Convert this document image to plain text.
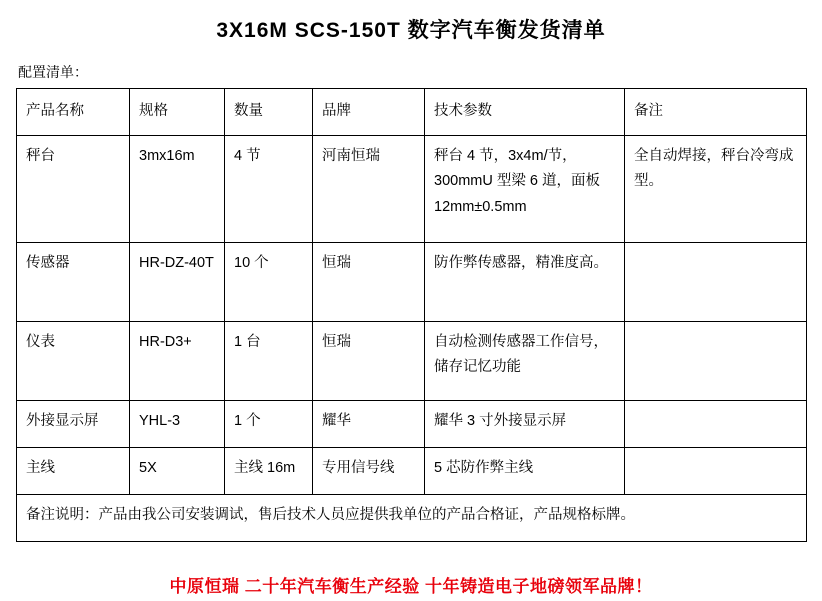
3X16M SCS-150T 数字汽车衡发货清单
配置清单：
产品名称	规格	数量	品牌	技术参数	备注
秤台	3mx16m	4 节	河南恒瑞	秤台 4 节，3x4m/节，300mmU 型梁 6 道，面板 12mm±0.5mm	全自动焊接，秤台冷弯成型。
传感器	HR-DZ-40T	10 个	恒瑞	防作弊传感器，精准度高。	
仪表	HR-D3+	1 台	恒瑞	自动检测传感器工作信号，储存记忆功能	
外接显示屏	YHL-3	1 个	耀华	耀华 3 寸外接显示屏	
主线	5X	主线 16m	专用信号线	5 芯防作弊主线	
备注说明：产品由我公司安装调试，售后技术人员应提供我单位的产品合格证，产品规格标牌。					
中原恒瑞 二十年汽车衡生产经验 十年铸造电子地磅领军品牌！
